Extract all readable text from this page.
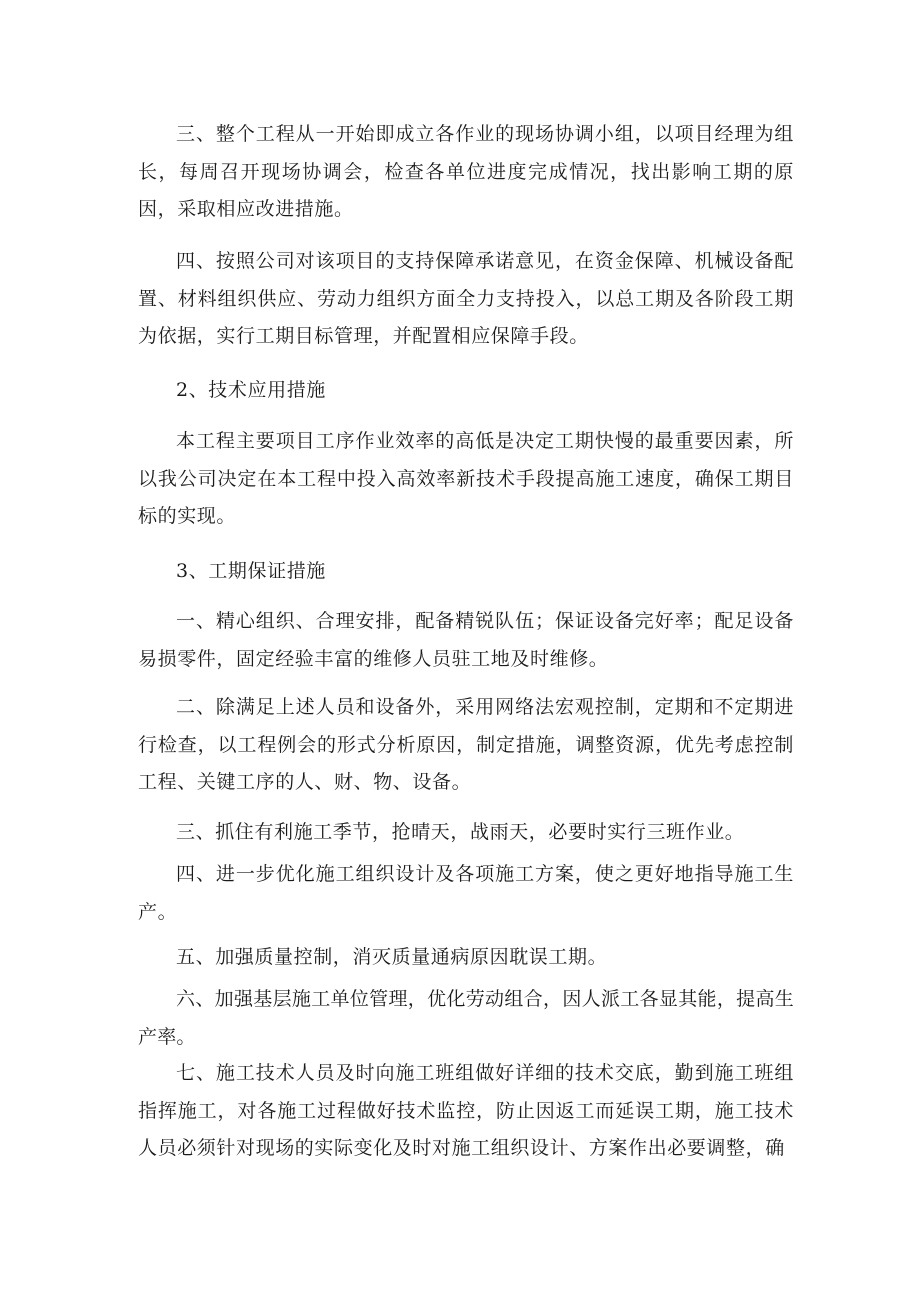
三、整个工程从一开始即成立各作业的现场协调小组，以项目经理为组长，每周召开现场协调会，检查各单位进度完成情况，找出影响工期的原因，采取相应改进措施。

四、按照公司对该项目的支持保障承诺意见，在资金保障、机械设备配置、材料组织供应、劳动力组织方面全力支持投入，以总工期及各阶段工期为依据，实行工期目标管理，并配置相应保障手段。

2、技术应用措施

本工程主要项目工序作业效率的高低是决定工期快慢的最重要因素，所以我公司决定在本工程中投入高效率新技术手段提高施工速度，确保工期目标的实现。

3、工期保证措施

一、精心组织、合理安排，配备精锐队伍；保证设备完好率；配足设备易损零件，固定经验丰富的维修人员驻工地及时维修。

二、除满足上述人员和设备外，采用网络法宏观控制，定期和不定期进行检查，以工程例会的形式分析原因，制定措施，调整资源，优先考虑控制工程、关键工序的人、财、物、设备。

三、抓住有利施工季节，抢晴天，战雨天，必要时实行三班作业。

四、进一步优化施工组织设计及各项施工方案，使之更好地指导施工生产。

五、加强质量控制，消灭质量通病原因耽误工期。

六、加强基层施工单位管理，优化劳动组合，因人派工各显其能，提高生产率。

七、施工技术人员及时向施工班组做好详细的技术交底，勤到施工班组指挥施工，对各施工过程做好技术监控，防止因返工而延误工期，施工技术人员必须针对现场的实际变化及时对施工组织设计、方案作出必要调整，确
